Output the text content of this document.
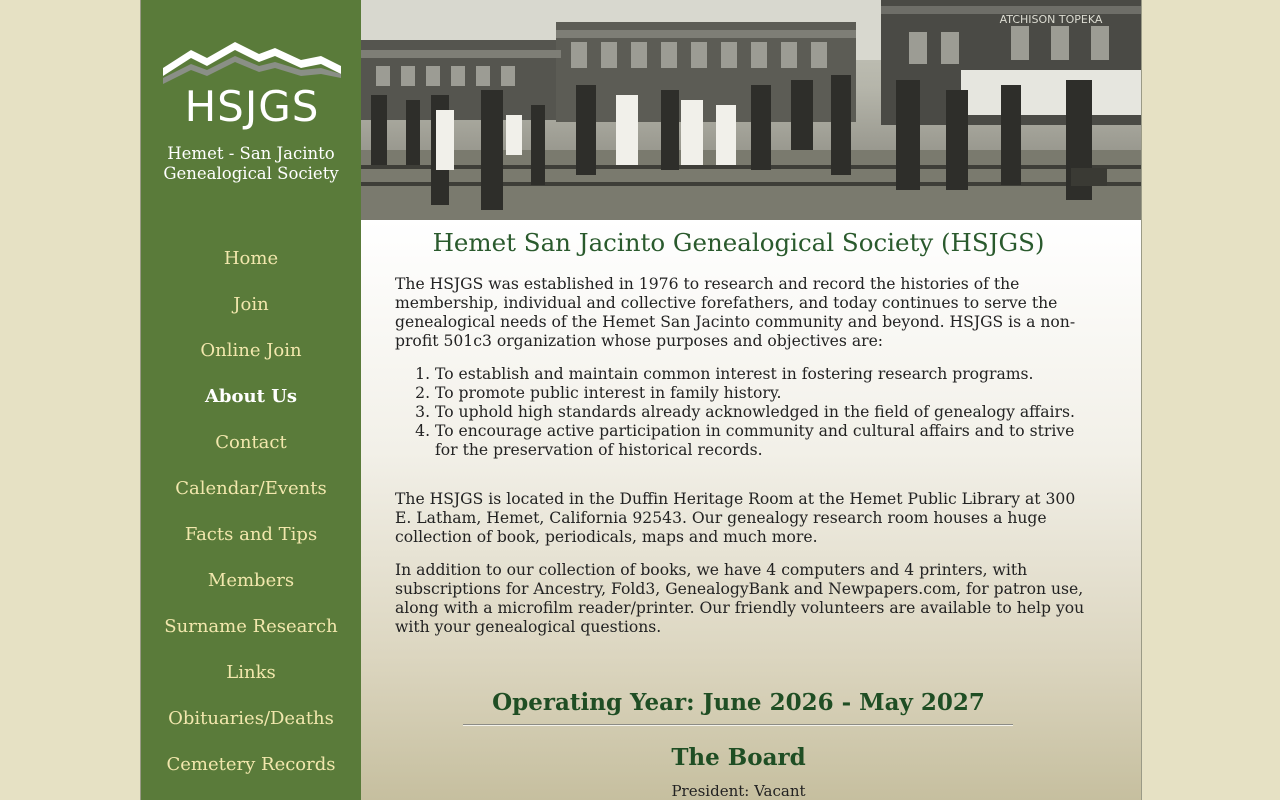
HSJGS
Hemet - San Jacinto
Genealogical Society
Home
Join
Online Join
About Us
Contact
Calendar/Events
Facts and Tips
Members
Surname Research
Links
Obituaries/Deaths
Cemetery Records
ATCHISON TOPEKA
Hemet San Jacinto Genealogical Society (HSJGS)

The HSJGS was established in 1976 to research and record the histories of the membership, individual and collective forefathers, and today continues to serve the genealogical needs of the Hemet San Jacinto community and beyond. HSJGS is a non-profit 501c3 organization whose purposes and objectives are:

1. To establish and maintain common interest in fostering research programs.
2. To promote public interest in family history.
3. To uphold high standards already acknowledged in the field of genealogy affairs.
4. To encourage active participation in community and cultural affairs and to strive for the preservation of historical records.

The HSJGS is located in the Duffin Heritage Room at the Hemet Public Library at 300 E. Latham, Hemet, California 92543. Our genealogy research room houses a huge collection of book, periodicals, maps and much more.

In addition to our collection of books, we have 4 computers and 4 printers, with subscriptions for Ancestry, Fold3, GenealogyBank and Newpapers.com, for patron use, along with a microfilm reader/printer. Our friendly volunteers are available to help you with your genealogical questions.

Operating Year: June 2026 - May 2027
The Board
President: Vacant
